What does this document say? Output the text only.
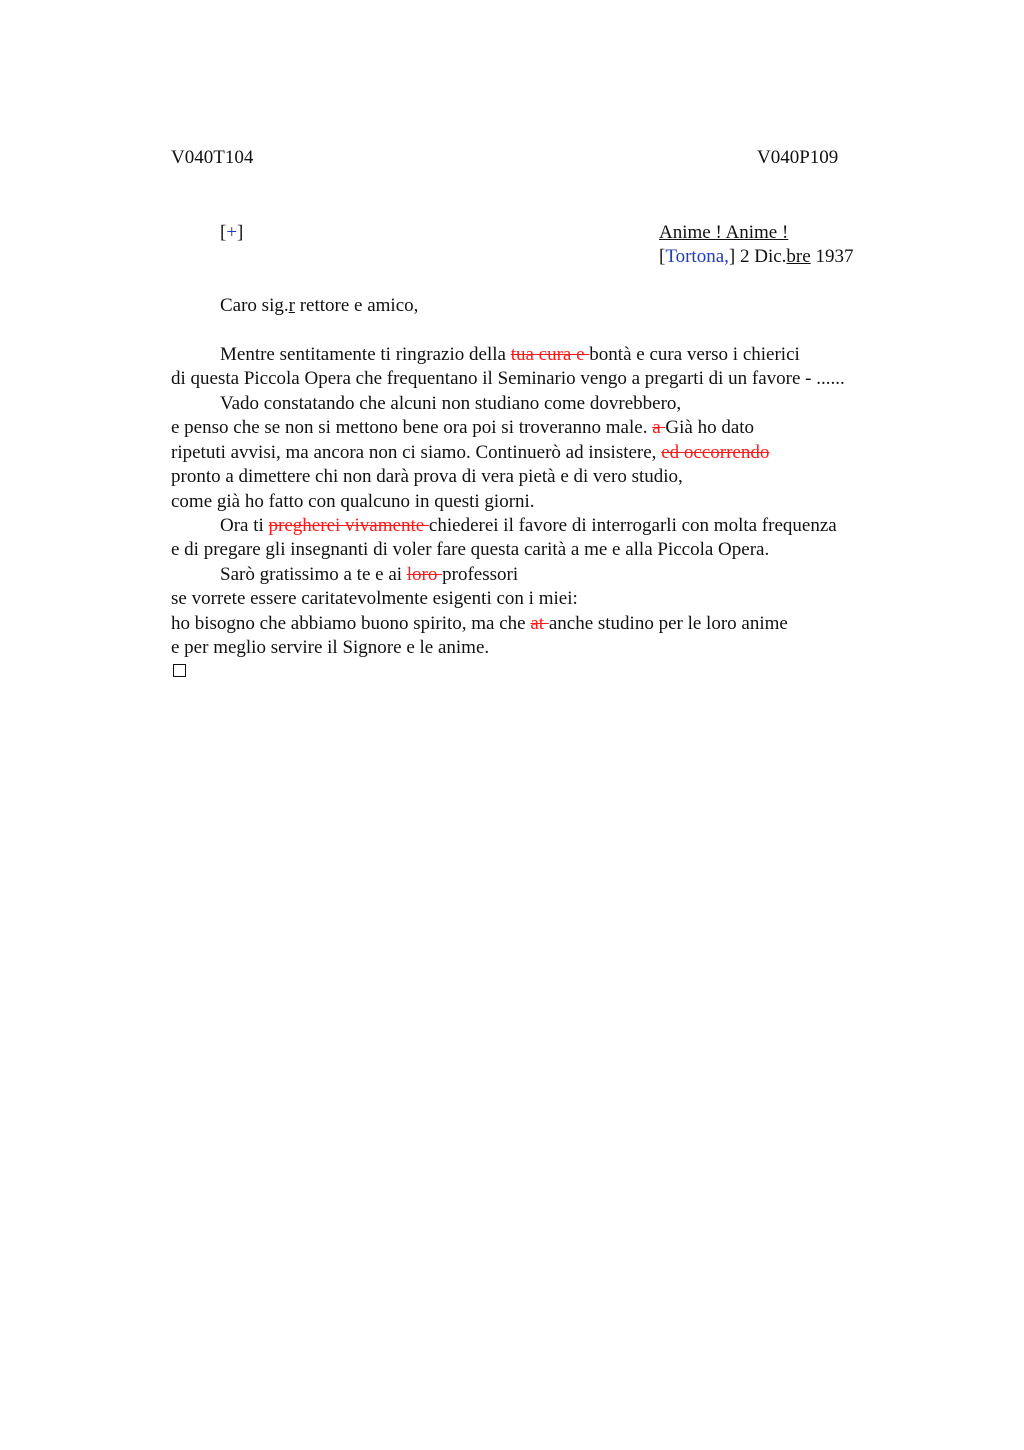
V040T104	V040P109
[+]	Anime ! Anime !
[Tortona,] 2 Dic.bre 1937
Caro sig.r rettore e amico,
Mentre sentitamente ti ringrazio della tua cura e bontà e cura verso i chierici
di questa Piccola Opera che frequentano il Seminario vengo a pregarti di un favore - ......
Vado constatando che alcuni non studiano come dovrebbero,
e penso che se non si mettono bene ora poi si troveranno male. a Già ho dato
ripetuti avvisi, ma ancora non ci siamo. Continuerò ad insistere, ed occorrendo
pronto a dimettere chi non darà prova di vera pietà e di vero studio,
come già ho fatto con qualcuno in questi giorni.
Ora ti pregherei vivamente chiederei il favore di interrogarli con molta frequenza
e di pregare gli insegnanti di voler fare questa carità a me e alla Piccola Opera.
Sarò gratissimo a te e ai loro professori
se vorrete essere caritatevolmente esigenti con i miei:
ho bisogno che abbiamo buono spirito, ma che at anche studino per le loro anime
e per meglio servire il Signore e le anime.
